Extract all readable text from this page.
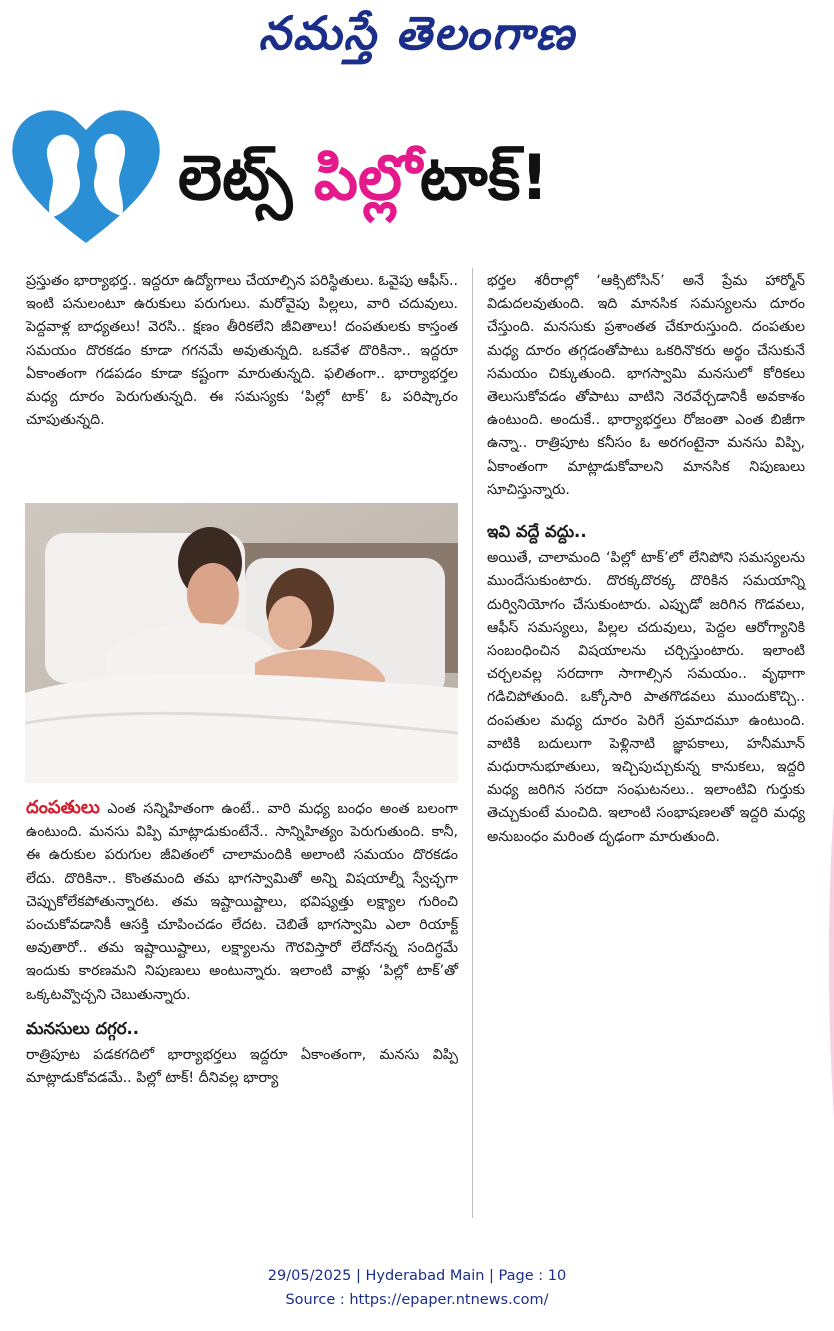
నమస్తే తెలంగాణ
లెట్స్ పిల్లోటాక్!

ప్రస్తుతం భార్యాభర్త.. ఇద్దరూ ఉద్యోగాలు చేయాల్సిన పరిస్థితులు. ఓవైపు ఆఫీస్.. ఇంటి పనులంటూ ఉరుకులు పరుగులు. మరోవైపు పిల్లలు, వారి చదువులు. పెద్దవాళ్ల బాధ్యతలు! వెరసి.. క్షణం తీరికలేని జీవితాలు! దంపతులకు కాస్తంత సమయం దొరకడం కూడా గగనమే అవుతున్నది. ఒకవేళ దొరికినా.. ఇద్దరూ ఏకాంతంగా గడపడం కూడా కష్టంగా మారుతున్నది. ఫలితంగా.. భార్యాభర్తల మధ్య దూరం పెరుగుతున్నది. ఈ సమస్యకు ‘పిల్లో టాక్’ ఓ పరిష్కారం చూపుతున్నది.

దంపతులు ఎంత సన్నిహితంగా ఉంటే.. వారి మధ్య బంధం అంత బలంగా ఉంటుంది. మనసు విప్పి మాట్లాడుకుంటేనే.. సాన్నిహిత్యం పెరుగుతుంది. కానీ, ఈ ఉరుకుల పరుగుల జీవితంలో చాలామందికి అలాంటి సమయం దొరకడం లేదు. దొరికినా.. కొంతమంది తమ భాగస్వామితో అన్ని విషయాల్నీ స్వేచ్ఛగా చెప్పుకోలేకపోతున్నారట. తమ ఇష్టాయిష్టాలు, భవిష్యత్తు లక్ష్యాల గురించి పంచుకోవడానికీ ఆసక్తి చూపించడం లేదట. చెబితే భాగస్వామి ఎలా రియాక్ట్ అవుతారో.. తమ ఇష్టాయిష్టాలు, లక్ష్యాలను గౌరవిస్తారో లేదోనన్న సందిగ్ధమే ఇందుకు కారణమని నిపుణులు అంటున్నారు. ఇలాంటి వాళ్లు ‘పిల్లో టాక్’తో ఒక్కటవ్వొచ్చని చెబుతున్నారు.

మనసులు దగ్గర..

రాత్రిపూట పడకగదిలో భార్యాభర్తలు ఇద్దరూ ఏకాంతంగా, మనసు విప్పి మాట్లాడుకోవడమే.. పిల్లో టాక్! దీనివల్ల భార్యా

భర్తల శరీరాల్లో ‘ఆక్సిటోసిన్’ అనే ప్రేమ హార్మోన్ విడుదలవుతుంది. ఇది మానసిక సమస్యలను దూరం చేస్తుంది. మనసుకు ప్రశాంతత చేకూరుస్తుంది. దంపతుల మధ్య దూరం తగ్గడంతోపాటు ఒకరినొకరు అర్థం చేసుకునే సమయం చిక్కుతుంది. భాగస్వామి మనసులో కోరికలు తెలుసుకోవడం తోపాటు వాటిని నెరవేర్చడానికీ అవకాశం ఉంటుంది. అందుకే.. భార్యాభర్తలు రోజంతా ఎంత బిజీగా ఉన్నా.. రాత్రిపూట కనీసం ఓ అరగంటైనా మనసు విప్పి, ఏకాంతంగా మాట్లాడుకోవాలని మానసిక నిపుణులు సూచిస్తున్నారు.

ఇవి వద్దే వద్దు..

అయితే, చాలామంది ‘పిల్లో టాక్’లో లేనిపోని సమస్యలను ముందేసుకుంటారు. దొరక్కదొరక్క దొరికిన సమయాన్ని దుర్వినియోగం చేసుకుంటారు. ఎప్పుడో జరిగిన గొడవలు, ఆఫీస్ సమస్యలు, పిల్లల చదువులు, పెద్దల ఆరోగ్యానికి సంబంధించిన విషయాలను చర్చిస్తుంటారు. ఇలాంటి చర్చలవల్ల సరదాగా సాగాల్సిన సమయం.. వృథాగా గడిచిపోతుంది. ఒక్కోసారి పాతగొడవలు ముందుకొచ్చి.. దంపతుల మధ్య దూరం పెరిగే ప్రమాదమూ ఉంటుంది. వాటికి బదులుగా పెళ్లినాటి జ్ఞాపకాలు, హనీమూన్ మధురానుభూతులు, ఇచ్చిపుచ్చుకున్న కానుకలు, ఇద్దరి మధ్య జరిగిన సరదా సంఘటనలు.. ఇలాంటివి గుర్తుకు తెచ్చుకుంటే మంచిది. ఇలాంటి సంభాషణలతో ఇద్దరి మధ్య అనుబంధం మరింత దృఢంగా మారుతుంది.

29/05/2025 | Hyderabad Main | Page : 10
Source : https://epaper.ntnews.com/
